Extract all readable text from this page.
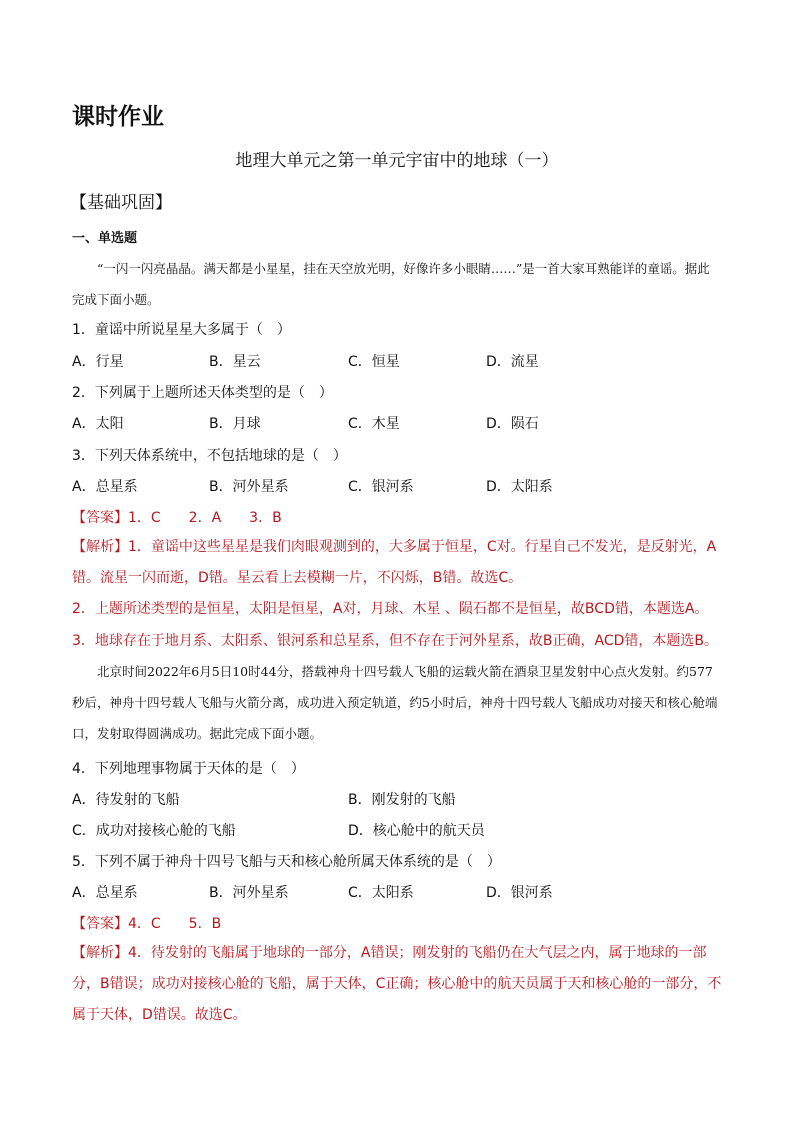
课时作业
地理大单元之第一单元宇宙中的地球（一）
【基础巩固】
一、单选题
“一闪一闪亮晶晶。满天都是小星星，挂在天空放光明，好像许多小眼睛……”是一首大家耳熟能详的童谣。据此完成下面小题。
1．童谣中所说星星大多属于（　）
A．行星	B．星云	C．恒星	D．流星
2．下列属于上题所述天体类型的是（　）
A．太阳	B．月球	C．木星	D．陨石
3．下列天体系统中，不包括地球的是（　）
A．总星系	B．河外星系	C．银河系	D．太阳系
【答案】1．C　　2．A　　3．B
【解析】1．童谣中这些星星是我们肉眼观测到的，大多属于恒星，C对。行星自己不发光，是反射光，A错。流星一闪而逝，D错。星云看上去模糊一片，不闪烁，B错。故选C。
2．上题所述类型的是恒星，太阳是恒星，A对，月球、木星 、陨石都不是恒星，故BCD错，本题选A。
3．地球存在于地月系、太阳系、银河系和总星系，但不存在于河外星系，故B正确，ACD错，本题选B。
北京时间2022年6月5日10时44分，搭载神舟十四号载人飞船的运载火箭在酒泉卫星发射中心点火发射。约577秒后，神舟十四号载人飞船与火箭分离，成功进入预定轨道，约5小时后，神舟十四号载人飞船成功对接天和核心舱端口，发射取得圆满成功。据此完成下面小题。
4．下列地理事物属于天体的是（　）
A．待发射的飞船	B．刚发射的飞船
C．成功对接核心舱的飞船	D．核心舱中的航天员
5．下列不属于神舟十四号飞船与天和核心舱所属天体系统的是（　）
A．总星系	B．河外星系	C．太阳系	D．银河系
【答案】4．C　　5．B
【解析】4．待发射的飞船属于地球的一部分，A错误；刚发射的飞船仍在大气层之内，属于地球的一部分，B错误；成功对接核心舱的飞船，属于天体，C正确；核心舱中的航天员属于天和核心舱的一部分，不属于天体，D错误。故选C。
